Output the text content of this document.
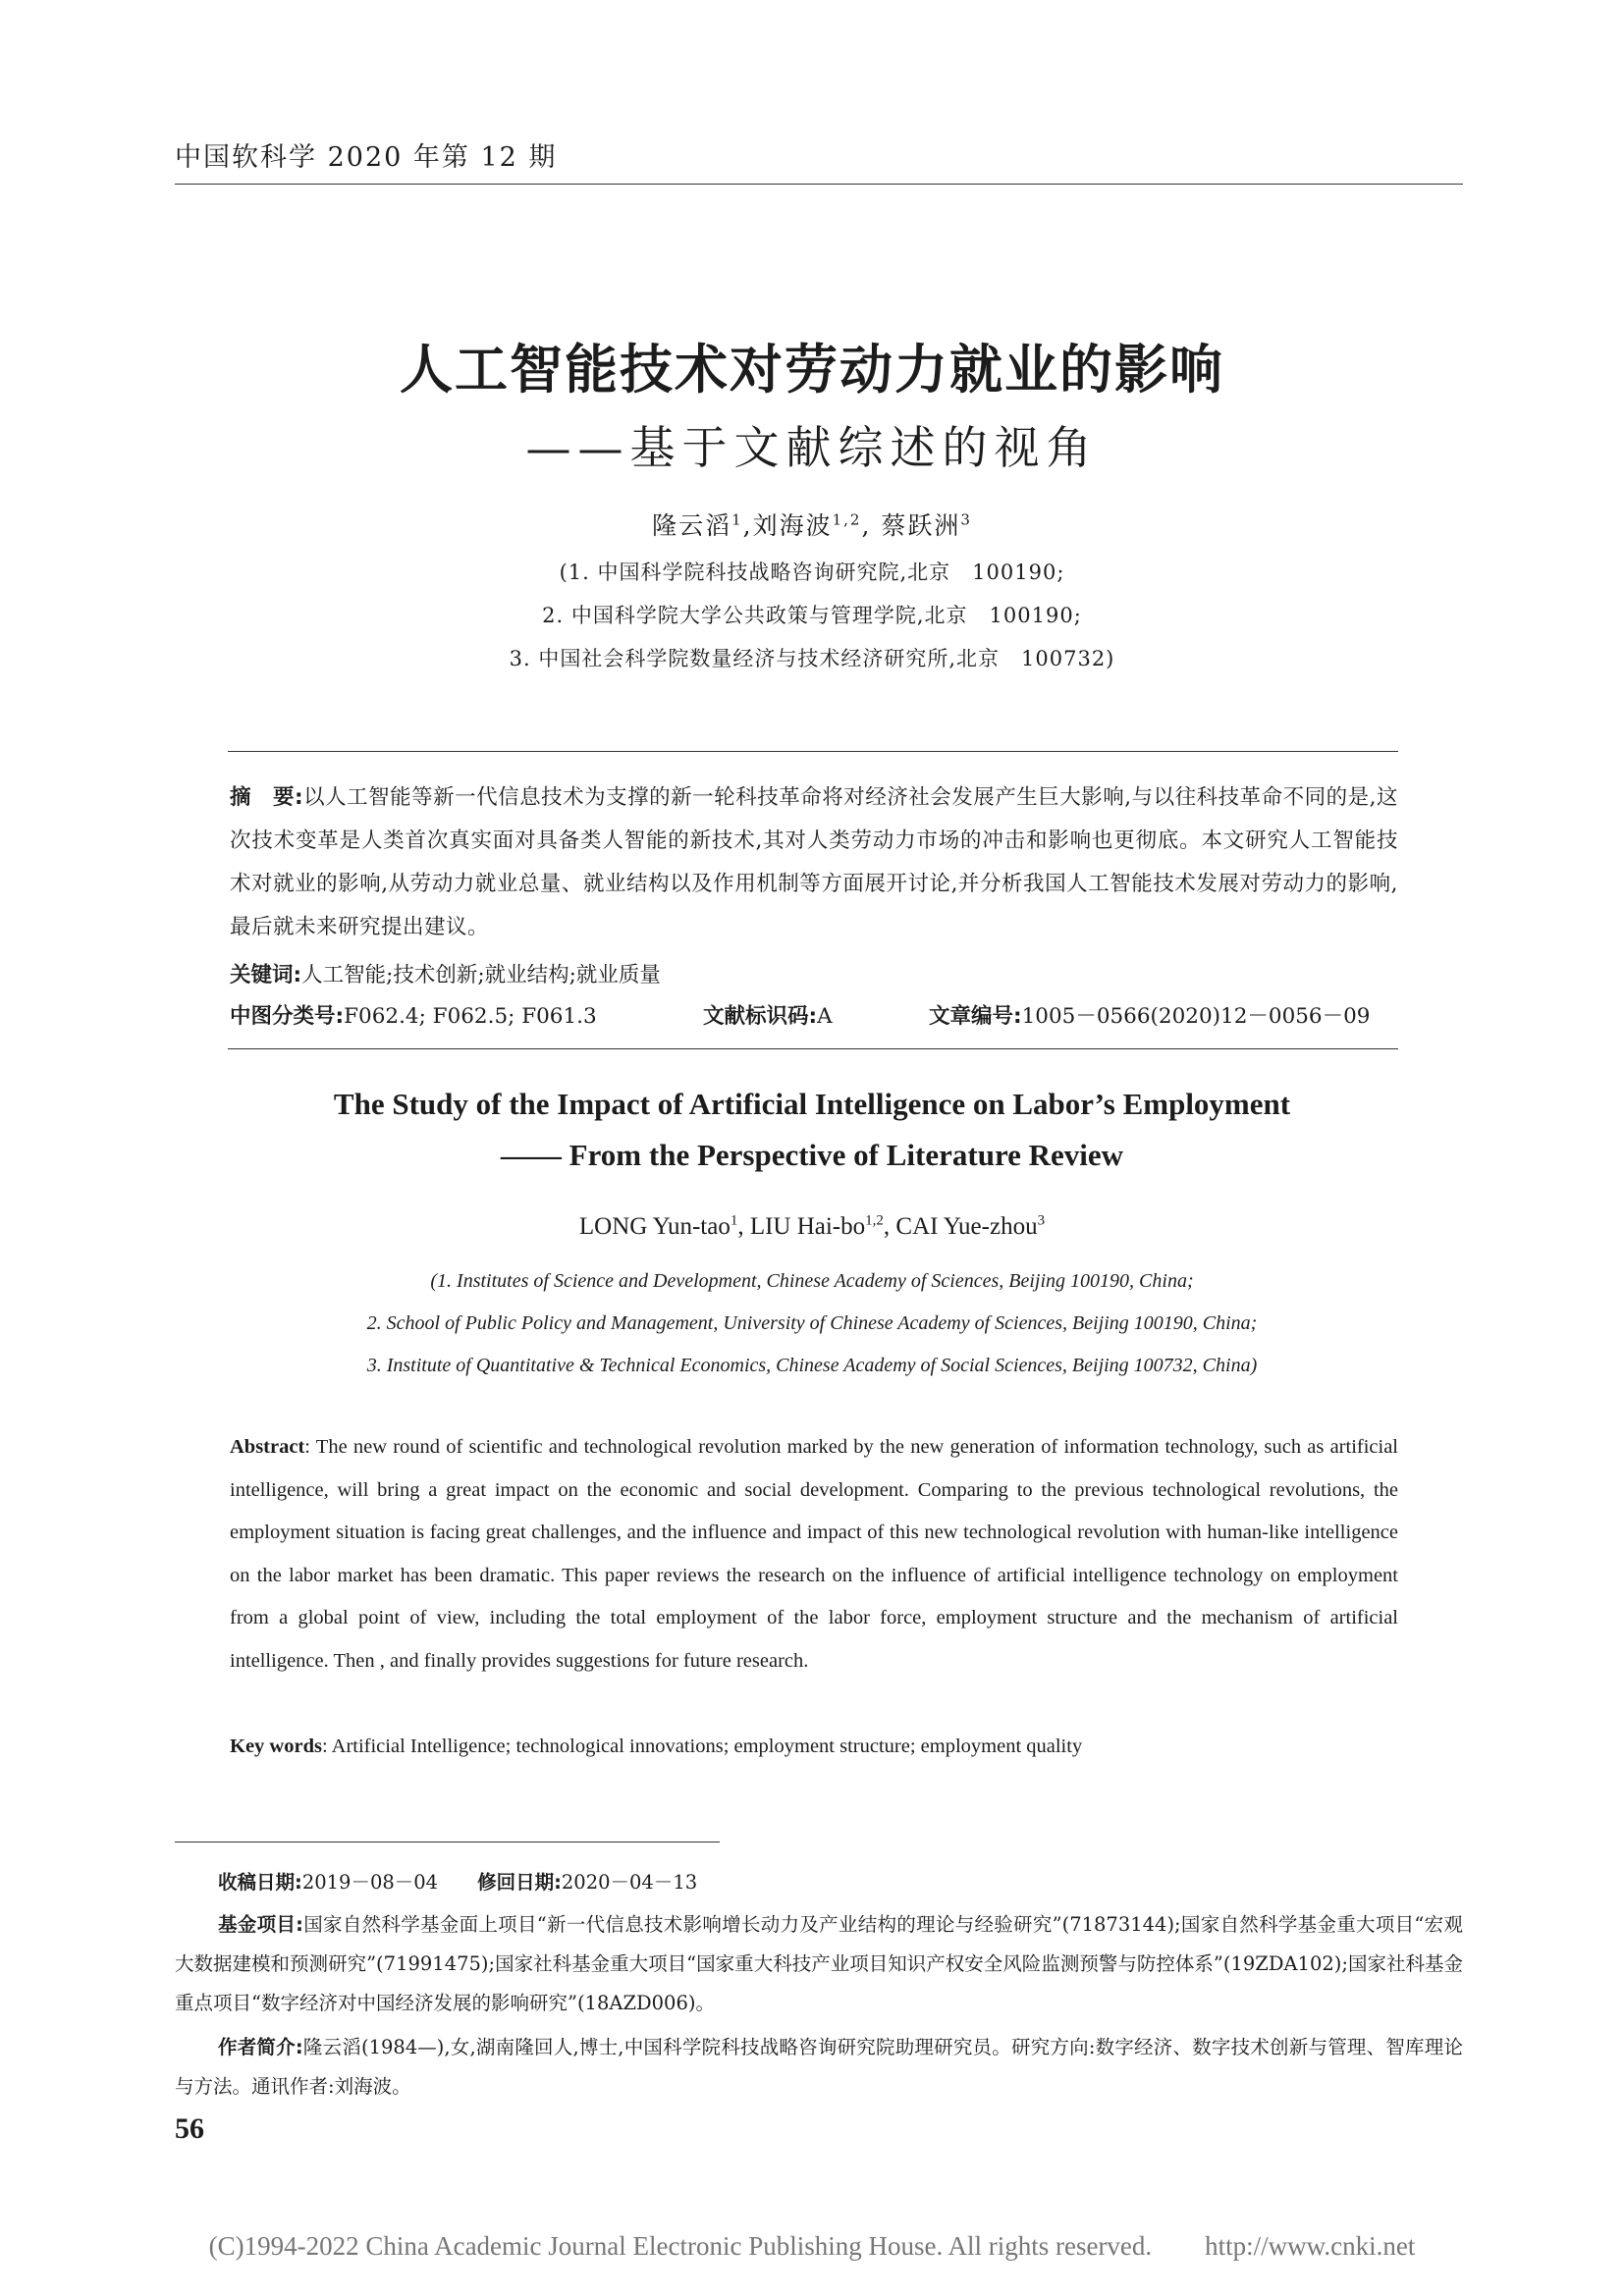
中国软科学 2020 年第 12 期
人工智能技术对劳动力就业的影响
——基于文献综述的视角
隆云滔$^1$,刘海波$^{1,2}$, 蔡跃洲$^3$
(1. 中国科学院科技战略咨询研究院,北京　100190;
2. 中国科学院大学公共政策与管理学院,北京　100190;
3. 中国社会科学院数量经济与技术经济研究所,北京　100732)
摘　要:以人工智能等新一代信息技术为支撑的新一轮科技革命将对经济社会发展产生巨大影响,与以往科技革命不同的是,这次技术变革是人类首次真实面对具备类人智能的新技术,其对人类劳动力市场的冲击和影响也更彻底。本文研究人工智能技术对就业的影响,从劳动力就业总量、就业结构以及作用机制等方面展开讨论,并分析我国人工智能技术发展对劳动力的影响,最后就未来研究提出建议。
关键词:人工智能;技术创新;就业结构;就业质量
中图分类号:F062.4; F062.5; F061.3	文献标识码:A	文章编号:1005－0566(2020)12－0056－09
The Study of the Impact of Artificial Intelligence on Labor’s Employment
—— From the Perspective of Literature Review
LONG Yun-tao$^1$, LIU Hai-bo$^{1,2}$, CAI Yue-zhou$^3$
(1. Institutes of Science and Development, Chinese Academy of Sciences, Beijing 100190, China;
2. School of Public Policy and Management, University of Chinese Academy of Sciences, Beijing 100190, China;
3. Institute of Quantitative & Technical Economics, Chinese Academy of Social Sciences, Beijing 100732, China)
Abstract: The new round of scientific and technological revolution marked by the new generation of information technology, such as artificial intelligence, will bring a great impact on the economic and social development. Comparing to the previous technological revolutions, the employment situation is facing great challenges, and the influence and impact of this new technological revolution with human-like intelligence on the labor market has been dramatic. This paper reviews the research on the influence of artificial intelligence technology on employment from a global point of view, including the total employment of the labor force, employment structure and the mechanism of artificial intelligence. Then , and finally provides suggestions for future research.
Key words: Artificial Intelligence; technological innovations; employment structure; employment quality
收稿日期:2019－08－04 修回日期:2020－04－13
基金项目:国家自然科学基金面上项目“新一代信息技术影响增长动力及产业结构的理论与经验研究”(71873144);国家自然科学基金重大项目“宏观大数据建模和预测研究”(71991475);国家社科基金重大项目“国家重大科技产业项目知识产权安全风险监测预警与防控体系”(19ZDA102);国家社科基金重点项目“数字经济对中国经济发展的影响研究”(18AZD006)。
作者简介:隆云滔(1984—),女,湖南隆回人,博士,中国科学院科技战略咨询研究院助理研究员。研究方向:数字经济、数字技术创新与管理、智库理论与方法。通讯作者:刘海波。
56
(C)1994-2022 China Academic Journal Electronic Publishing House. All rights reserved.　　http://www.cnki.net
